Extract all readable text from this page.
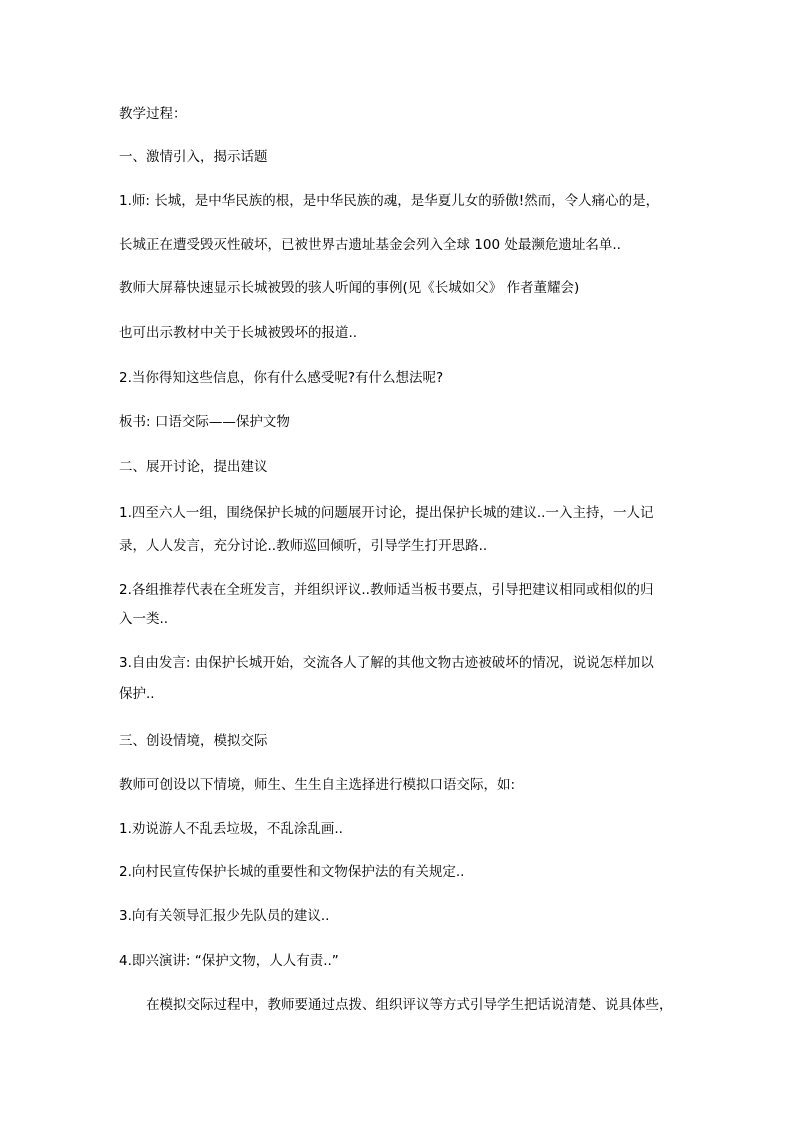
教学过程：
一、激情引入，揭示话题
1.师: 长城，是中华民族的根，是中华民族的魂，是华夏儿女的骄傲!然而，令人痛心的是，
长城正在遭受毁灭性破坏，已被世界古遗址基金会列入全球 100 处最濒危遗址名单..
教师大屏幕快速显示长城被毁的骇人听闻的事例(见《长城如父》 作者董耀会)
也可出示教材中关于长城被毁坏的报道..
2.当你得知这些信息，你有什么感受呢?有什么想法呢?
板书: 口语交际——保护文物
二、展开讨论，提出建议
1.四至六人一组，围绕保护长城的问题展开讨论，提出保护长城的建议..一入主持，一人记
录，人人发言，充分讨论..教师巡回倾听，引导学生打开思路..
2.各组推荐代表在全班发言，并组织评议..教师适当板书要点，引导把建议相同或相似的归
入一类..
3.自由发言: 由保护长城开始，交流各人了解的其他文物古迹被破坏的情况，说说怎样加以
保护..
三、创设情境，模拟交际
教师可创设以下情境，师生、生生自主选择进行模拟口语交际，如:
1.劝说游人不乱丢垃圾，不乱涂乱画..
2.向村民宣传保护长城的重要性和文物保护法的有关规定..
3.向有关领导汇报少先队员的建议..
4.即兴演讲: “保护文物，人人有责..”
在模拟交际过程中，教师要通过点拨、组织评议等方式引导学生把话说清楚、说具体些，
